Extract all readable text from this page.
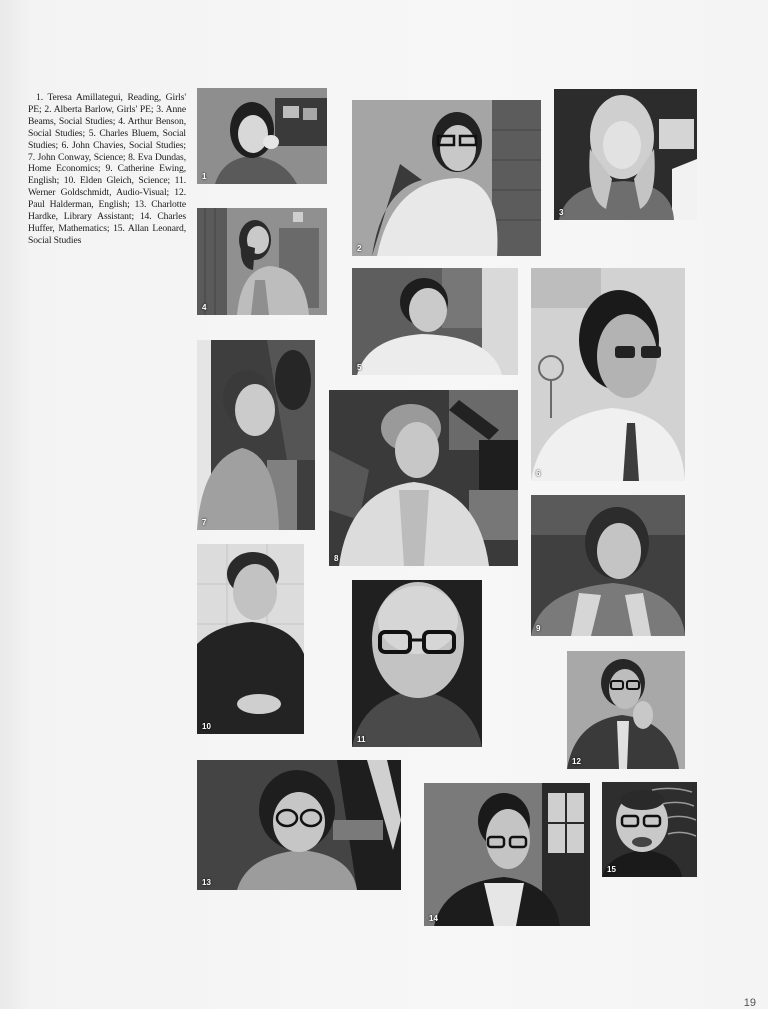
1. Teresa Amillategui, Reading, Girls' PE; 2. Alberta Barlow, Girls' PE; 3. Anne Beams, Social Studies; 4. Arthur Benson, Social Studies; 5. Charles Bluem, Social Studies; 6. John Chavies, Social Studies; 7. John Conway, Science; 8. Eva Dundas, Home Economics; 9. Catherine Ewing, English; 10. Elden Gleich, Science; 11. Werner Goldschmidt, Audio-Visual; 12. Paul Halderman, English; 13. Charlotte Hardke, Library Assistant; 14. Charles Huffer, Mathematics; 15. Allan Leonard, Social Studies

1
2
3
4
5
6
7
8
9
10
11
12
13
14
15
19
